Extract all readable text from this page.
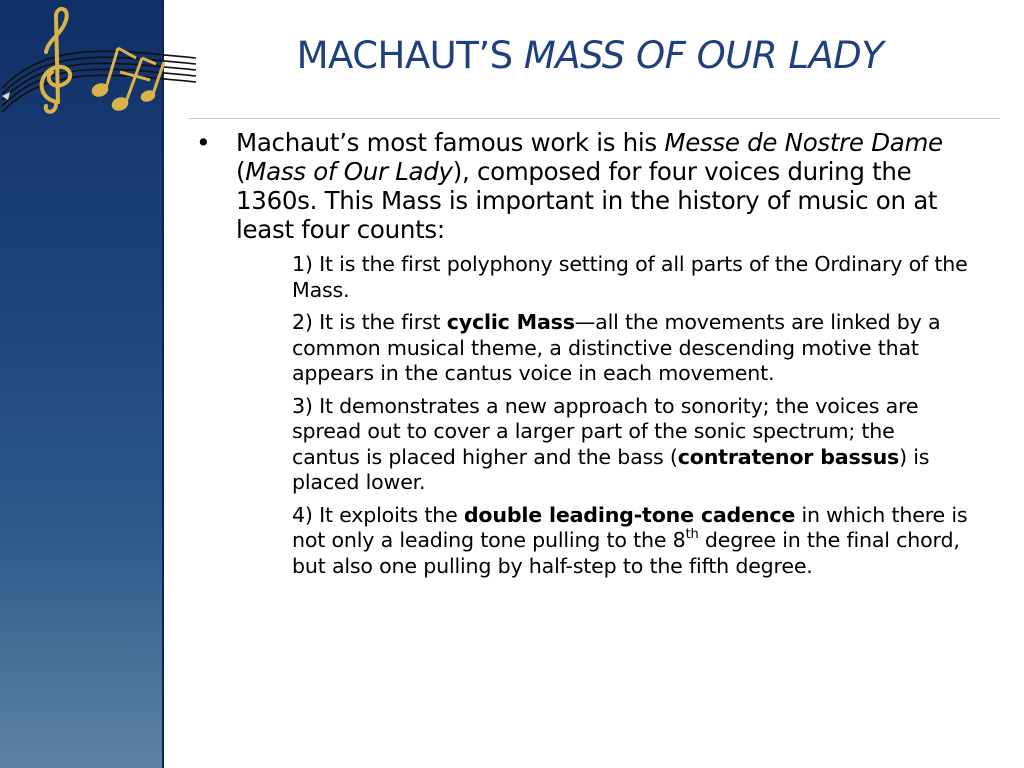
MACHAUT’S MASS OF OUR LADY
•	Machaut’s most famous work is his Messe de Nostre Dame (Mass of Our Lady), composed for four voices during the 1360s. This Mass is important in the history of music on at least four counts:
1) It is the first polyphony setting of all parts of the Ordinary of the Mass.
2) It is the first cyclic Mass—all the movements are linked by a common musical theme, a distinctive descending motive that appears in the cantus voice in each movement.
3) It demonstrates a new approach to sonority; the voices are spread out to cover a larger part of the sonic spectrum; the cantus is placed higher and the bass (contratenor bassus) is placed lower.
4) It exploits the double leading-tone cadence in which there is not only a leading tone pulling to the 8th degree in the final chord, but also one pulling by half-step to the fifth degree.
